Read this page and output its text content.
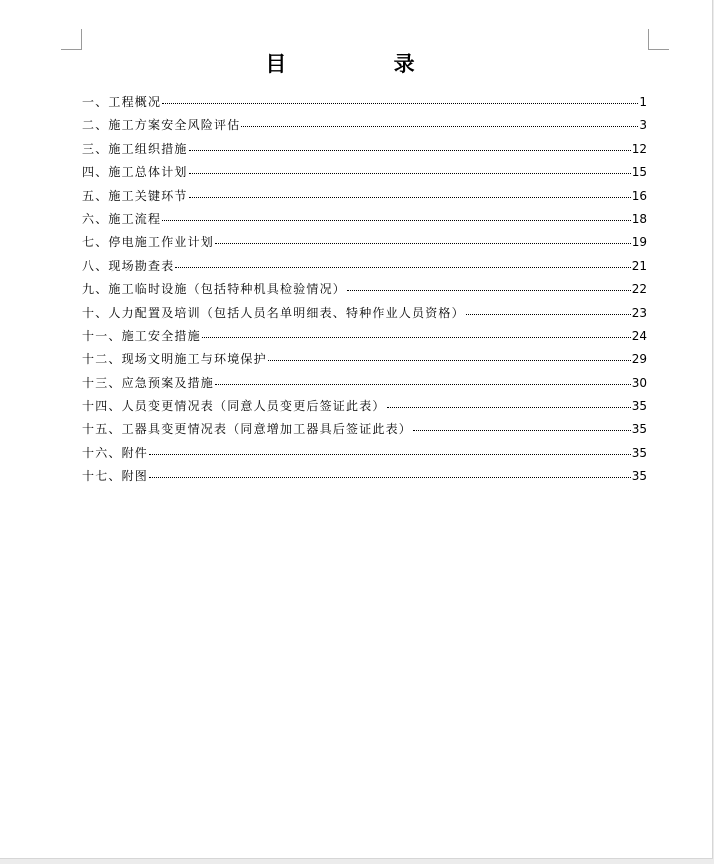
目 录
一、工程概况	1
二、施工方案安全风险评估	3
三、施工组织措施	12
四、施工总体计划	15
五、施工关键环节	16
六、施工流程	18
七、停电施工作业计划	19
八、现场勘查表	21
九、施工临时设施（包括特种机具检验情况）	22
十、人力配置及培训（包括人员名单明细表、特种作业人员资格）	23
十一、施工安全措施	24
十二、现场文明施工与环境保护	29
十三、应急预案及措施	30
十四、人员变更情况表（同意人员变更后签证此表）	35
十五、工器具变更情况表（同意增加工器具后签证此表）	35
十六、附件	35
十七、附图	35
